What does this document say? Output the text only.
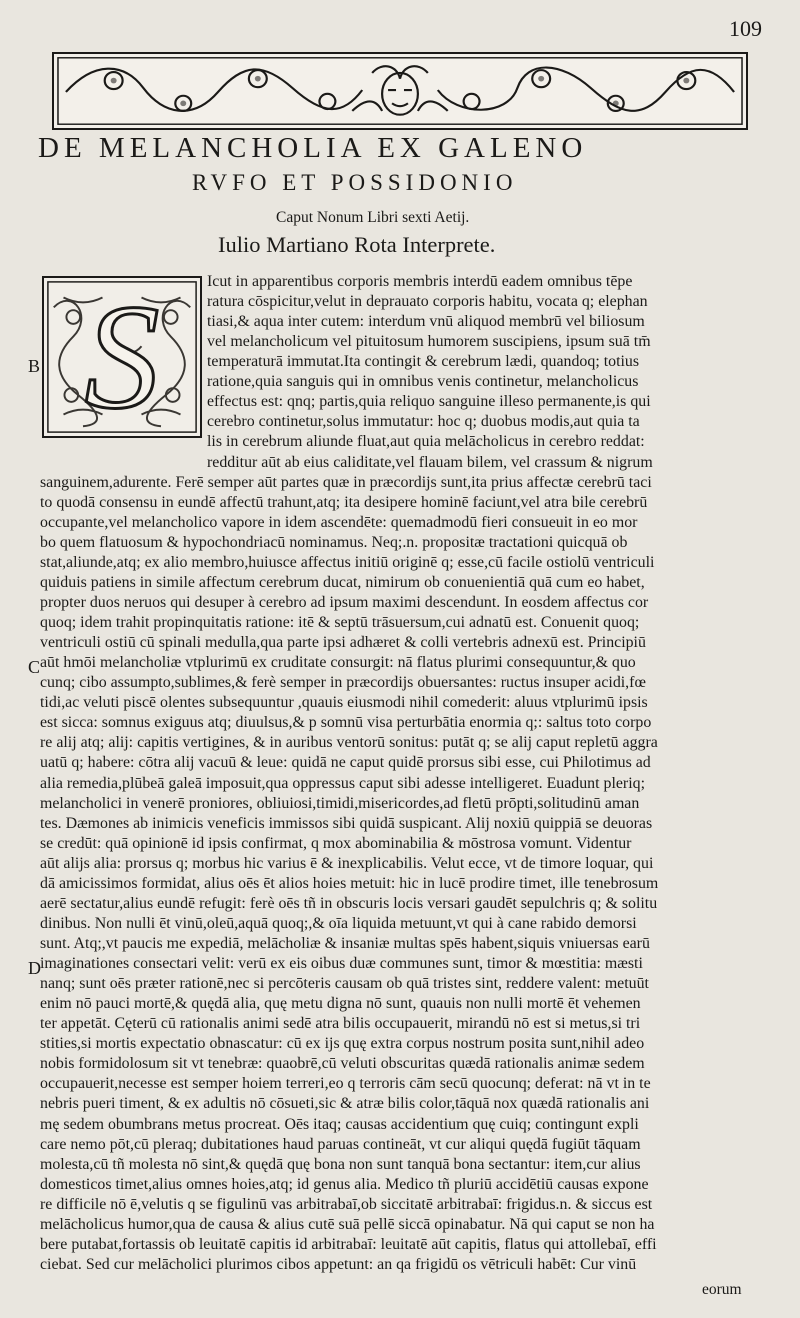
109
DE MELANCHOLIA EX GALENO
RVFO ET POSSIDONIO
Caput Nonum Libri sexti Aetij.
Iulio Martiano Rota Interprete.
S
B
C
D
Icut in apparentibus corporis membris interdū eadem omnibus tēpe
ratura cōspicitur,velut in deprauato corporis habitu, vocata q; elephan
tiasi,& aqua inter cutem: interdum vnū aliquod membrū vel biliosum
vel melancholicum vel pituitosum humorem suscipiens, ipsum suā tm̄
temperaturā immutat.Ita contingit & cerebrum lædi, quandoq; totius
ratione,quia sanguis qui in omnibus venis continetur, melancholicus
effectus est: qnq; partis,quia reliquo sanguine illeso permanente,is qui
cerebro continetur,solus immutatur: hoc q; duobus modis,aut quia ta
lis in cerebrum aliunde fluat,aut quia melācholicus in cerebro reddat:
redditur aūt ab eius caliditate,vel flauam bilem, vel crassum & nigrum
sanguinem,adurente. Ferē semper aūt partes quæ in præcordijs sunt,ita prius affectæ cerebrū taci
to quodā consensu in eundē affectū trahunt,atq; ita desipere hominē faciunt,vel atra bile cerebrū
occupante,vel melancholico vapore in idem ascendēte: quemadmodū fieri consueuit in eo mor
bo quem flatuosum & hypochondriacū nominamus. Neq;.n. propositæ tractationi quicquā ob
stat,aliunde,atq; ex alio membro,huiusce affectus initiū originē q; esse,cū facile ostiolū ventriculi
quiduis patiens in simile affectum cerebrum ducat, nimirum ob conuenientiā quā cum eo habet,
propter duos neruos qui desuper à cerebro ad ipsum maximi descendunt. In eosdem affectus cor
quoq; idem trahit propinquitatis ratione: itē & septū trāsuersum,cui adnatū est. Conuenit quoq;
ventriculi ostiū cū spinali medulla,qua parte ipsi adhæret & colli vertebris adnexū est. Principiū
aūt hmōi melancholiæ vtplurimū ex cruditate consurgit: nā flatus plurimi consequuntur,& quo
cunq; cibo assumpto,sublimes,& ferè semper in præcordijs obuersantes: ructus insuper acidi,fœ
tidi,ac veluti piscē olentes subsequuntur ,quauis eiusmodi nihil comederit: aluus vtplurimū ipsis
est sicca: somnus exiguus atq; diuulsus,& p somnū visa perturbātia enormia q;: saltus toto corpo
re alij atq; alij: capitis vertigines, & in auribus ventorū sonitus: putāt q; se alij caput repletū aggra
uatū q; habere: cōtra alij vacuū & leue: quidā ne caput quidē prorsus sibi esse, cui Philotimus ad
alia remedia,plūbeā galeā imposuit,qua oppressus caput sibi adesse intelligeret. Euadunt pleriq;
melancholici in venerē proniores, obliuiosi,timidi,misericordes,ad fletū prōpti,solitudinū aman
tes. Dæmones ab inimicis veneficis immissos sibi quidā suspicant. Alij noxiū quippiā se deuoras
se credūt: quā opinionē id ipsis confirmat, q mox abominabilia & mōstrosa vomunt. Videntur
aūt alijs alia: prorsus q; morbus hic varius ē & inexplicabilis. Velut ecce, vt de timore loquar, qui
dā amicissimos formidat, alius oēs ēt alios hoies metuit: hic in lucē prodire timet, ille tenebrosum
aerē sectatur,alius eundē refugit: ferè oēs tñ in obscuris locis versari gaudēt sepulchris q; & solitu
dinibus. Non nulli ēt vinū,oleū,aquā quoq;,& oīa liquida metuunt,vt qui à cane rabido demorsi
sunt. Atq;,vt paucis me expediā, melācholiæ & insaniæ multas spēs habent,siquis vniuersas earū
imaginationes consectari velit: verū ex eis oibus duæ communes sunt, timor & mœstitia: mæsti
nanq; sunt oēs præter rationē,nec si percōteris causam ob quā tristes sint, reddere valent: metuūt
enim nō pauci mortē,& quędā alia, quę metu digna nō sunt, quauis non nulli mortē ēt vehemen
ter appetāt. Cęterū cū rationalis animi sedē atra bilis occupauerit, mirandū nō est si metus,si tri
stities,si mortis expectatio obnascatur: cū ex ijs quę extra corpus nostrum posita sunt,nihil adeo
nobis formidolosum sit vt tenebræ: quaobrē,cū veluti obscuritas quædā rationalis animæ sedem
occupauerit,necesse est semper hoiem terreri,eo q terroris cām secū quocunq; deferat: nā vt in te
nebris pueri timent, & ex adultis nō cōsueti,sic & atræ bilis color,tāquā nox quædā rationalis ani
mę sedem obumbrans metus procreat. Oēs itaq; causas accidentium quę cuiq; contingunt expli
care nemo pōt,cū pleraq; dubitationes haud paruas contineāt, vt cur aliqui quędā fugiūt tāquam
molesta,cū tñ molesta nō sint,& quędā quę bona non sunt tanquā bona sectantur: item,cur alius
domesticos timet,alius omnes hoies,atq; id genus alia. Medico tñ pluriū accidētiū causas expone
re difficile nō ē,velutis q se figulinū vas arbitrabaī,ob siccitatē arbitrabaī: frigidus.n. & siccus est
melācholicus humor,qua de causa & alius cutē suā pellē siccā opinabatur. Nā qui caput se non ha
bere putabat,fortassis ob leuitatē capitis id arbitrabaī: leuitatē aūt capitis, flatus qui attollebaī, effi
ciebat. Sed cur melācholici plurimos cibos appetunt: an qa frigidū os vētriculi habēt: Cur vinū
eorum
